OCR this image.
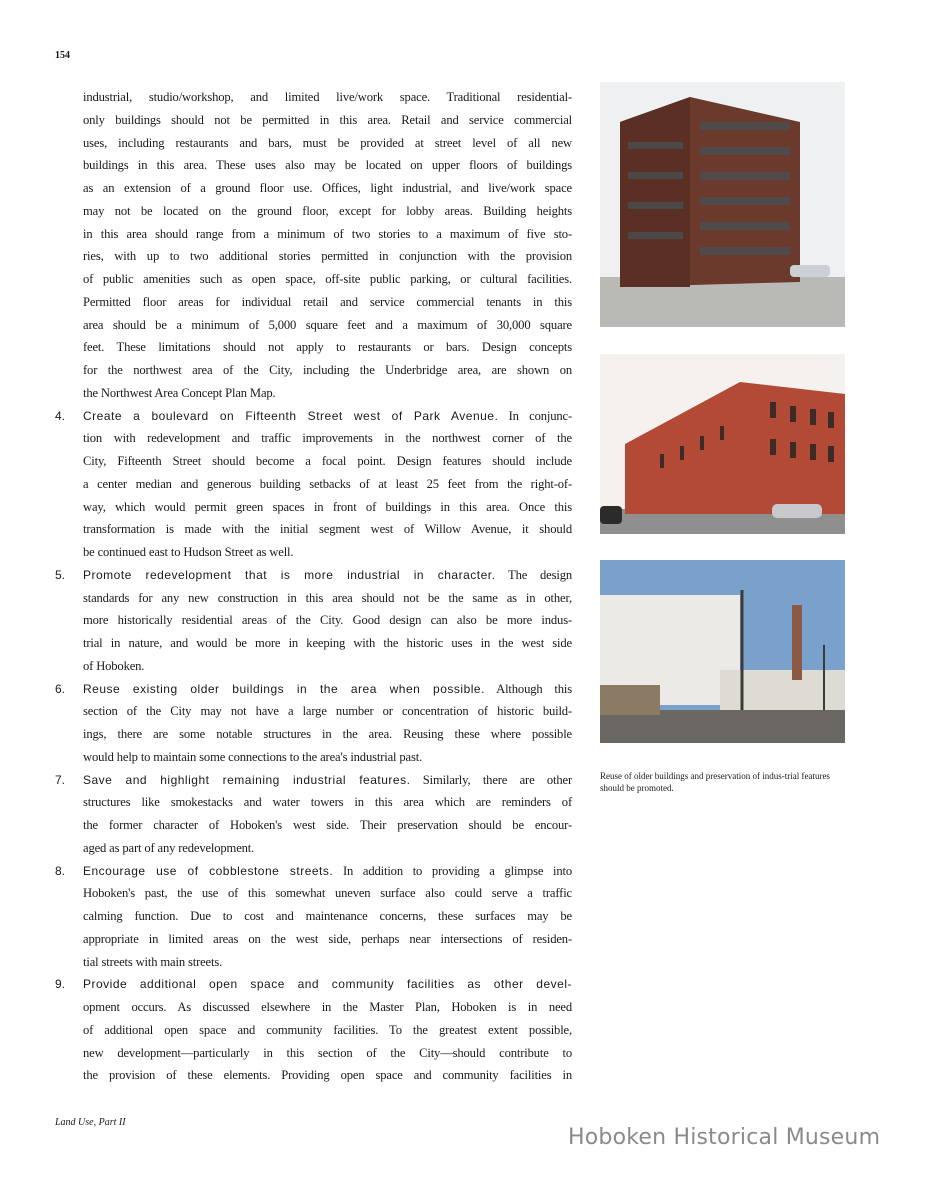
154
industrial, studio/workshop, and limited live/work space. Traditional residential-
only buildings should not be permitted in this area. Retail and service commercial
uses, including restaurants and bars, must be provided at street level of all new
buildings in this area. These uses also may be located on upper floors of buildings
as an extension of a ground floor use. Offices, light industrial, and live/work space
may not be located on the ground floor, except for lobby areas. Building heights
in this area should range from a minimum of two stories to a maximum of five sto-
ries, with up to two additional stories permitted in conjunction with the provision
of public amenities such as open space, off-site public parking, or cultural facilities.
Permitted floor areas for individual retail and service commercial tenants in this
area should be a minimum of 5,000 square feet and a maximum of 30,000 square
feet. These limitations should not apply to restaurants or bars. Design concepts
for the northwest area of the City, including the Underbridge area, are shown on
the Northwest Area Concept Plan Map.
4. Create a boulevard on Fifteenth Street west of Park Avenue. In conjunc-
tion with redevelopment and traffic improvements in the northwest corner of the
City, Fifteenth Street should become a focal point. Design features should include
a center median and generous building setbacks of at least 25 feet from the right-of-
way, which would permit green spaces in front of buildings in this area. Once this
transformation is made with the initial segment west of Willow Avenue, it should
be continued east to Hudson Street as well.
5. Promote redevelopment that is more industrial in character. The design
standards for any new construction in this area should not be the same as in other,
more historically residential areas of the City. Good design can also be more indus-
trial in nature, and would be more in keeping with the historic uses in the west side
of Hoboken.
6. Reuse existing older buildings in the area when possible. Although this
section of the City may not have a large number or concentration of historic build-
ings, there are some notable structures in the area. Reusing these where possible
would help to maintain some connections to the area's industrial past.
7. Save and highlight remaining industrial features. Similarly, there are other
structures like smokestacks and water towers in this area which are reminders of
the former character of Hoboken's west side. Their preservation should be encour-
aged as part of any redevelopment.
8. Encourage use of cobblestone streets. In addition to providing a glimpse into
Hoboken's past, the use of this somewhat uneven surface also could serve a traffic
calming function. Due to cost and maintenance concerns, these surfaces may be
appropriate in limited areas on the west side, perhaps near intersections of residen-
tial streets with main streets.
9. Provide additional open space and community facilities as other devel-
opment occurs. As discussed elsewhere in the Master Plan, Hoboken is in need
of additional open space and community facilities. To the greatest extent possible,
new development—particularly in this section of the City—should contribute to
the provision of these elements. Providing open space and community facilities in
Reuse of older buildings and preservation of indus-trial features should be promoted.
Land Use, Part II
Hoboken Historical Museum
